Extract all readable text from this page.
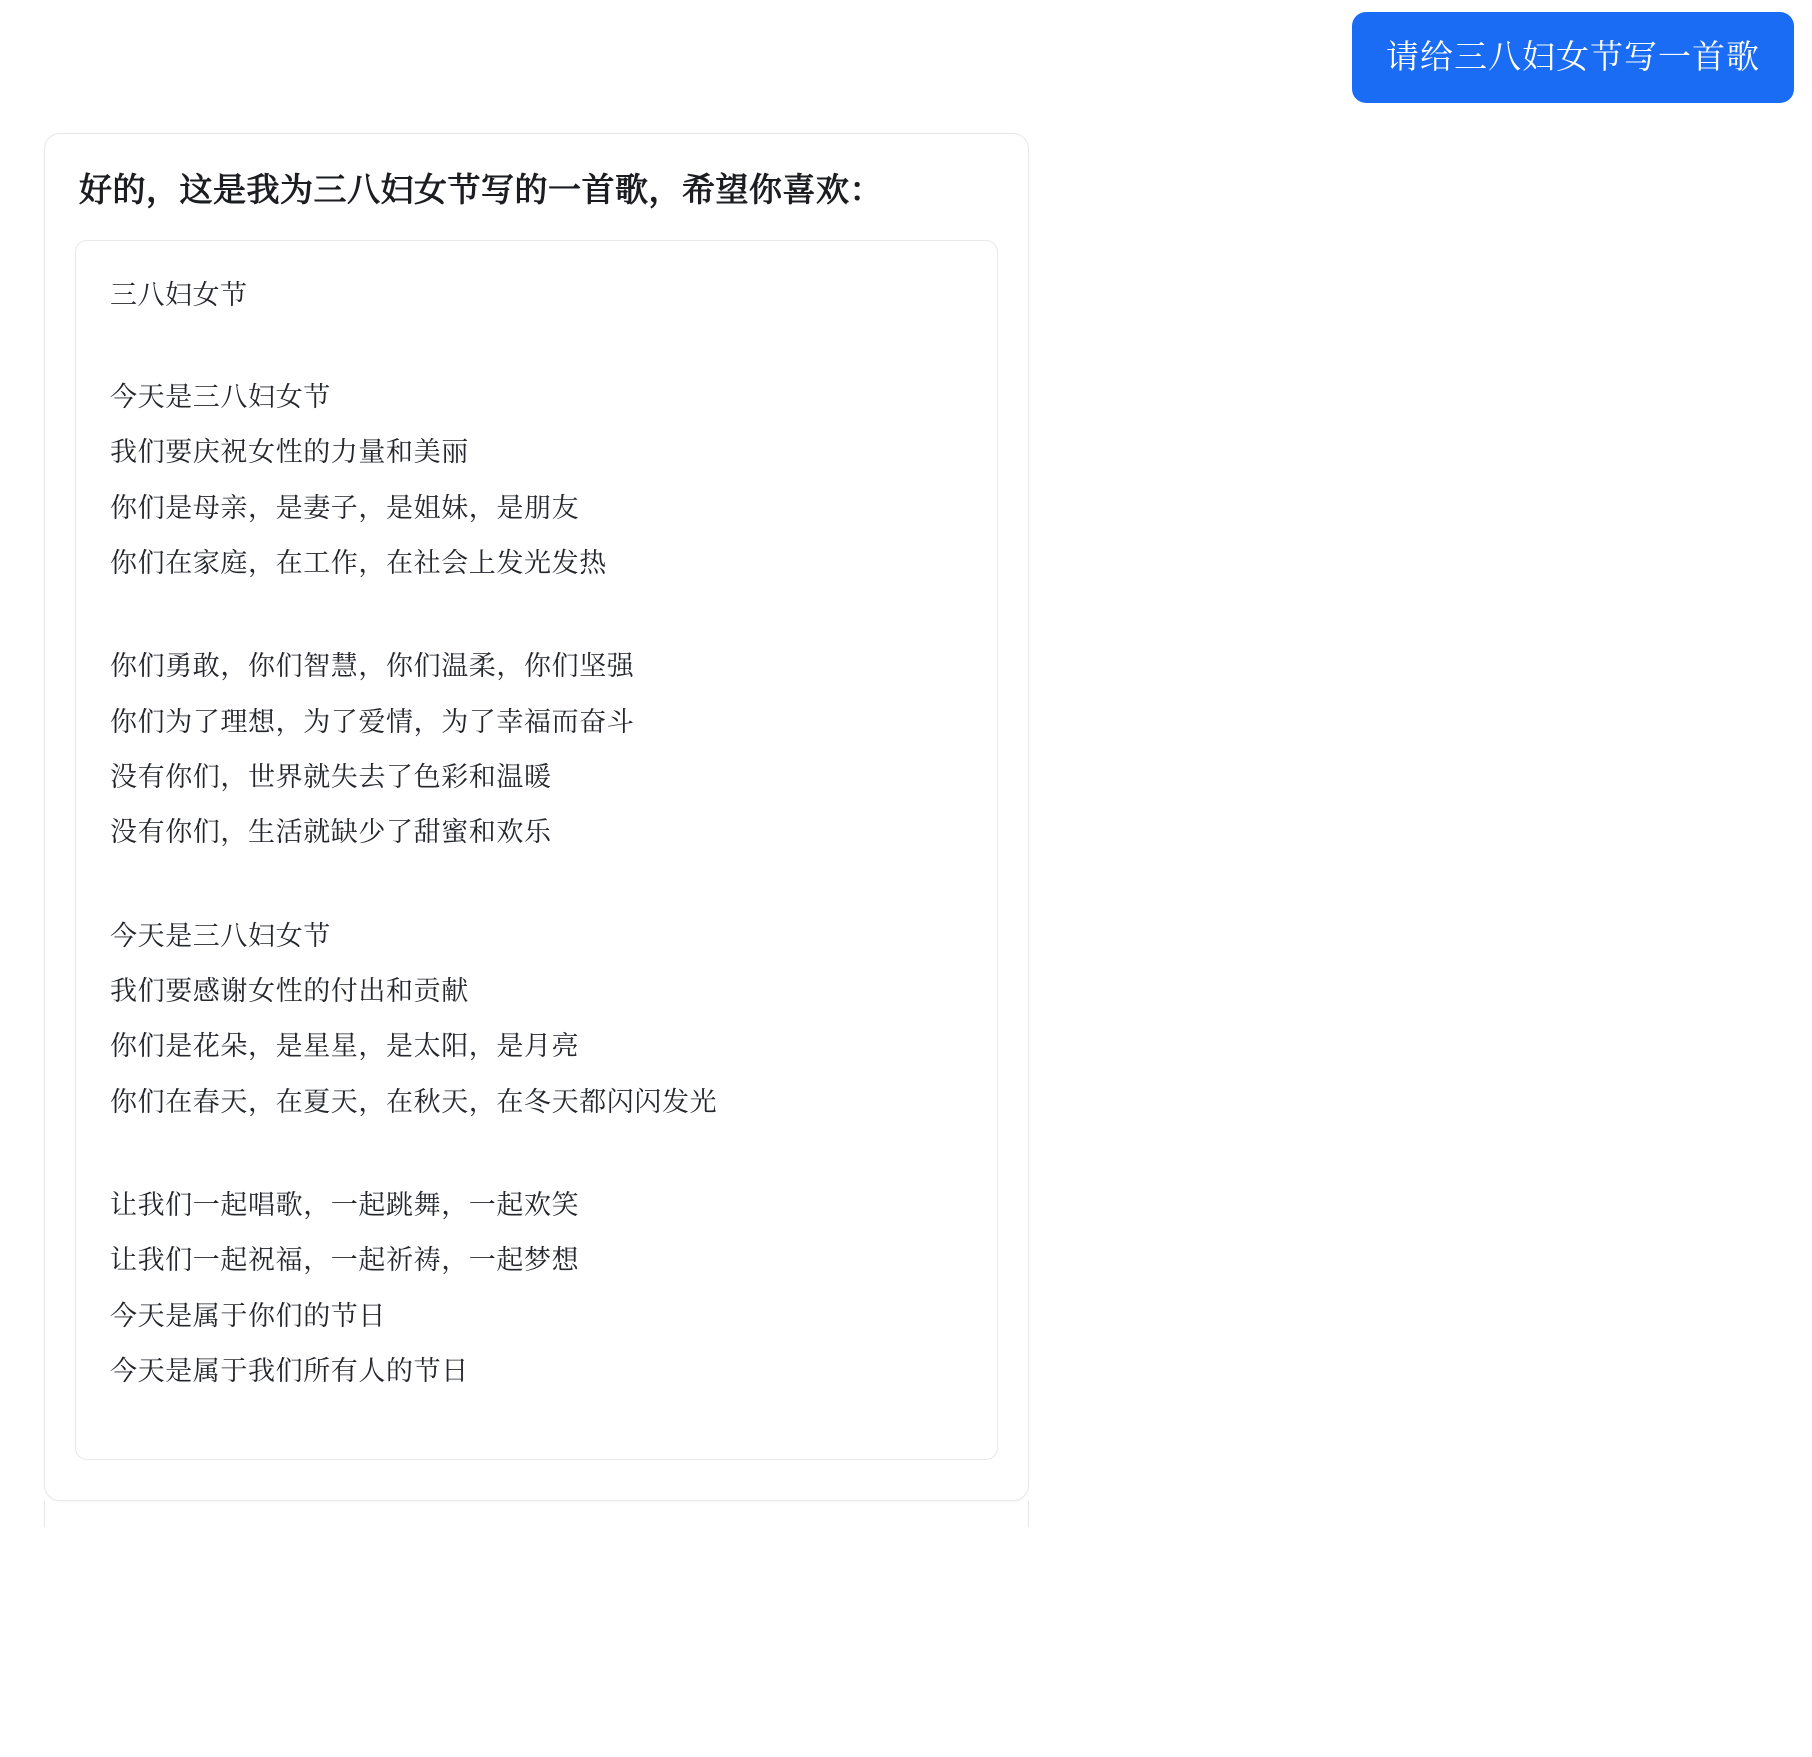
请给三八妇女节写一首歌
好的，这是我为三八妇女节写的一首歌，希望你喜欢：
三八妇女节
今天是三八妇女节
我们要庆祝女性的力量和美丽
你们是母亲，是妻子，是姐妹，是朋友
你们在家庭，在工作，在社会上发光发热
你们勇敢，你们智慧，你们温柔，你们坚强
你们为了理想，为了爱情，为了幸福而奋斗
没有你们，世界就失去了色彩和温暖
没有你们，生活就缺少了甜蜜和欢乐
今天是三八妇女节
我们要感谢女性的付出和贡献
你们是花朵，是星星，是太阳，是月亮
你们在春天，在夏天，在秋天，在冬天都闪闪发光
让我们一起唱歌，一起跳舞，一起欢笑
让我们一起祝福，一起祈祷，一起梦想
今天是属于你们的节日
今天是属于我们所有人的节日
